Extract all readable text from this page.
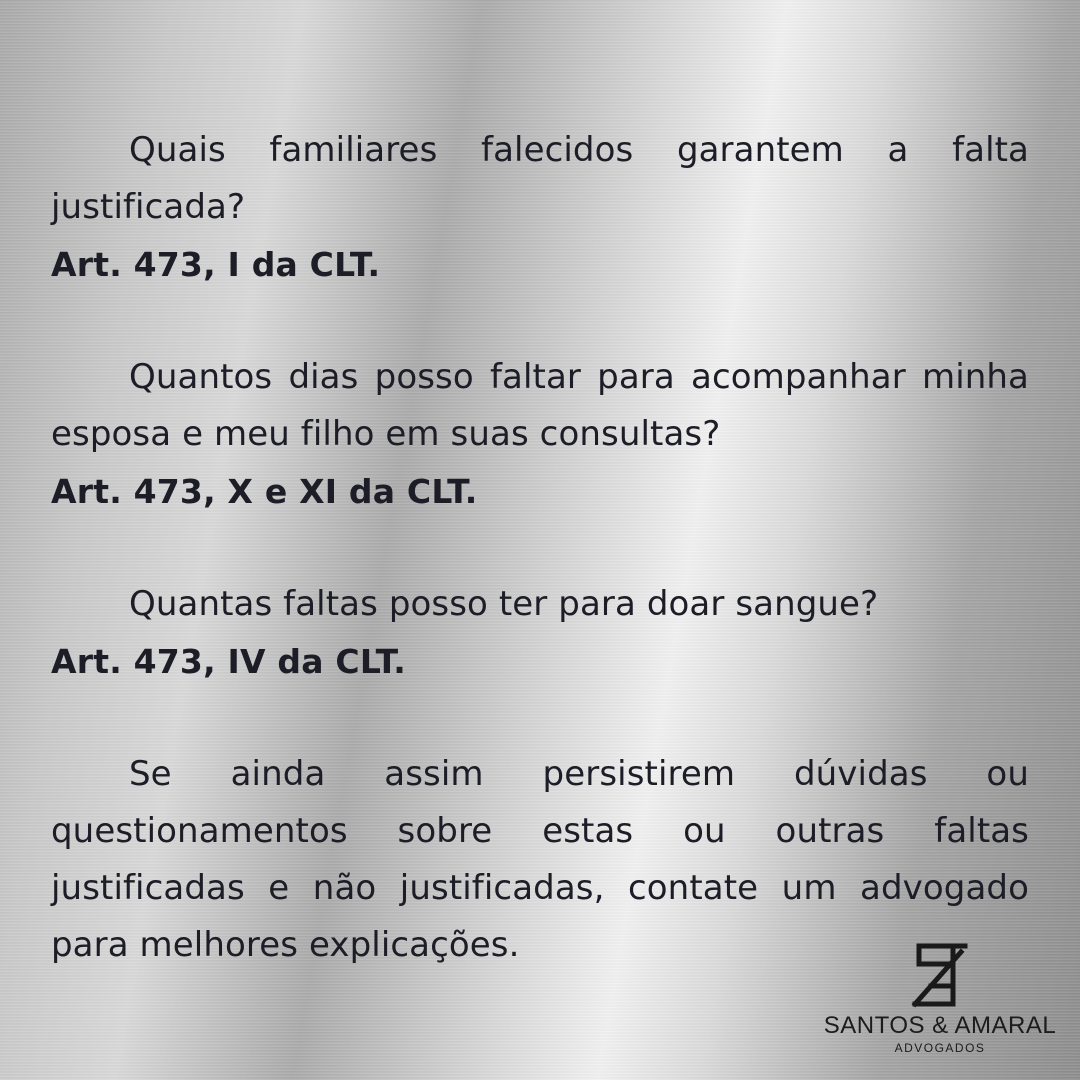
Quais familiares falecidos garantem a falta justificada?

Art. 473, I da CLT.

Quantos dias posso faltar para acompanhar minha esposa e meu filho em suas consultas?

Art. 473, X e XI da CLT.

Quantas faltas posso ter para doar sangue?

Art. 473, IV da CLT.

Se ainda assim persistirem dúvidas ou questionamentos sobre estas ou outras faltas justificadas e não justificadas, contate um advogado para melhores explicações.

SANTOS & AMARAL
ADVOGADOS
